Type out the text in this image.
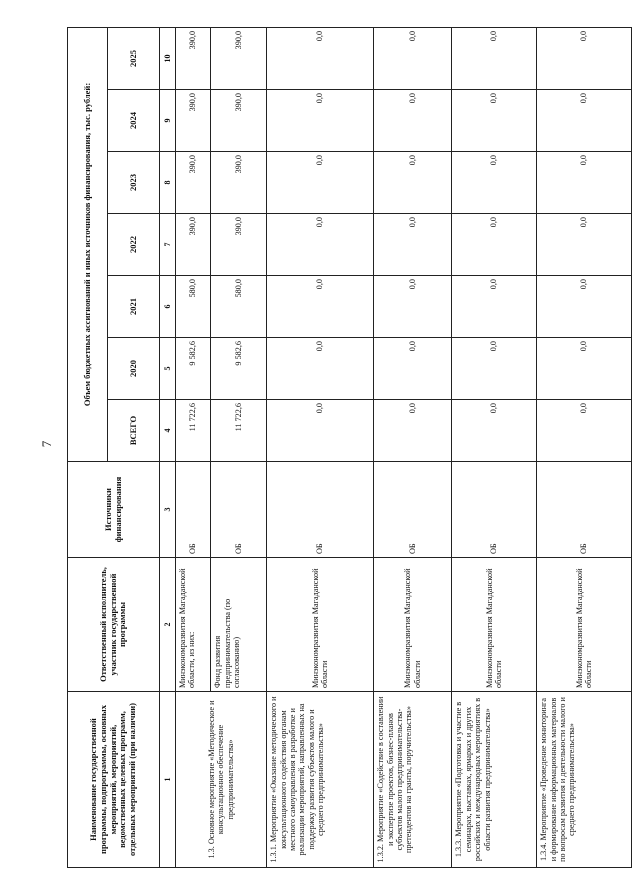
7
Наименование государственной программы, подпрограммы, основных мероприятий, мероприятий, ведомственных целевых программ, отдельных мероприятий (при наличии)	Ответственный исполнитель, участник государственной программы	Источники финансирования	Объем бюджетных ассигнований и иных источников финансирования, тыс. рублей:						
			ВСЕГО	2020	2021	2022	2023	2024	2025
1	2	3	4	5	6	7	8	9	10
1.3. Основное мероприятие «Методическое и консультационное обеспечение предпринимательства»	Минэкономразвития Магаданской области, из них:	ОБ	11 722,6	9 582,6	580,0	390,0	390,0	390,0	390,0
	Фонд развития предпринимательства (по согласованию)	ОБ	11 722,6	9 582,6	580,0	390,0	390,0	390,0	390,0
1.3.1. Мероприятие «Оказание методического и консультационного содействия органам местного самоуправления в разработке и реализации мероприятий, направленных на поддержку развития субъектов малого и среднего предпринимательства»	Минэкономразвития Магаданской области	ОБ	0,0	0,0	0,0	0,0	0,0	0,0	0,0
1.3.2. Мероприятие «Содействие в составлении и экспертизе проектов, бизнес-планов субъектов малого предпринимательства-претендентов на гранты, поручительства»	Минэкономразвития Магаданской области	ОБ	0,0	0,0	0,0	0,0	0,0	0,0	0,0
1.3.3. Мероприятие «Подготовка и участие в семинарах, выставках, ярмарках и других российских и международных мероприятиях в области развития предпринимательства»	Минэкономразвития Магаданской области	ОБ	0,0	0,0	0,0	0,0	0,0	0,0	0,0
1.3.4. Мероприятие «Проведение мониторинга и формирование информационных материалов по вопросам развития и деятельности малого и среднего предпринимательства»	Минэкономразвития Магаданской области	ОБ	0,0	0,0	0,0	0,0	0,0	0,0	0,0
